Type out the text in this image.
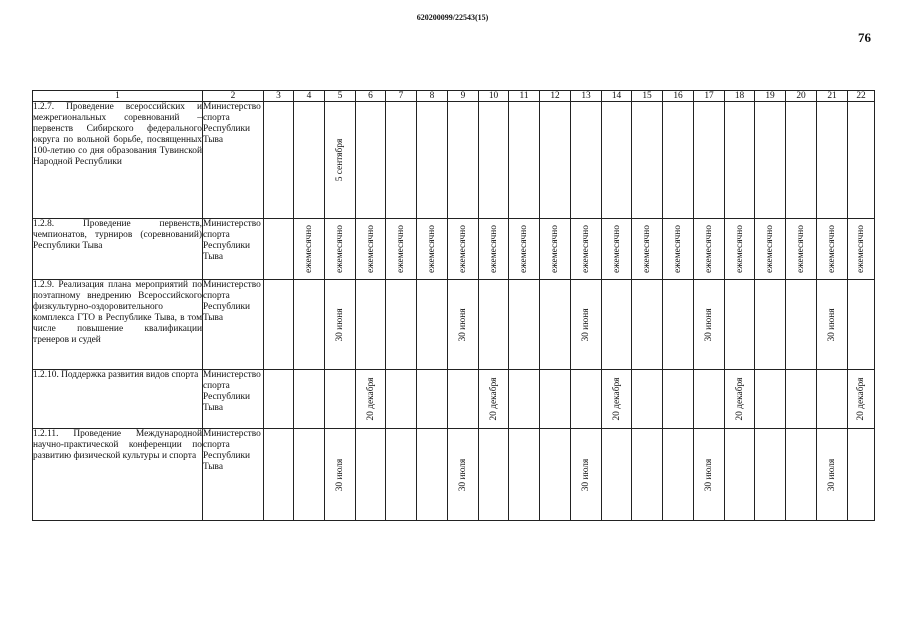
620200099/22543(15)
76
1	2	3	4	5	6	7	8	9	10	11	12	13	14	15	16	17	18	19	20	21	22
1.2.7. Проведение всероссийских и межрегиональных соревнований – первенств Сибирского федерального округа по вольной борьбе, посвященных 100-летию со дня образования Тувинской Народной Республики	Министерство спорта Республики Тыва			5 сентября																	

1.2.8. Проведение первенств, чемпионатов, турниров (соревнований) Республики Тыва	Министерство спорта Республики Тыва		ежемесячно	ежемесячно	ежемесячно	ежемесячно	ежемесячно	ежемесячно	ежемесячно	ежемесячно	ежемесячно	ежемесячно	ежемесячно	ежемесячно	ежемесячно	ежемесячно	ежемесячно	ежемесячно	ежемесячно	ежемесячно	ежемесячно

1.2.9. Реализация плана мероприятий по поэтапному внедрению Всероссийского физкультурно-оздоровительного комплекса ГТО в Республике Тыва, в том числе повышение квалификации тренеров и судей	Министерство спорта Республики Тыва			30 июня				30 июня				30 июня				30 июня				30 июня	

1.2.10. Поддержка развития видов спорта	Министерство спорта Республики Тыва				20 декабря				20 декабря				20 декабря				20 декабря				20 декабря

1.2.11. Проведение Международной научно-практической конференции по развитию физической культуры и спорта	Министерство спорта Республики Тыва			30 июля				30 июля				30 июля				30 июля				30 июля	
